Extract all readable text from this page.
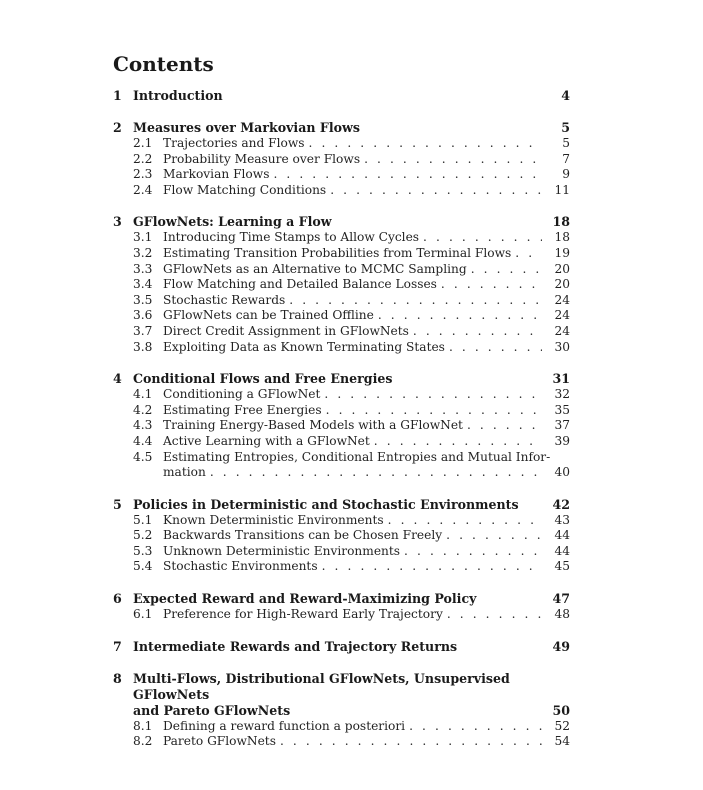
Contents
1 Introduction	4
2 Measures over Markovian Flows	5
2.1 Trajectories and Flows . . .	5
2.2 Probability Measure over Flows . . .	7
2.3 Markovian Flows . . .	9
2.4 Flow Matching Conditions . . .	11
3 GFlowNets: Learning a Flow	18
3.1 Introducing Time Stamps to Allow Cycles . . .	18
3.2 Estimating Transition Probabilities from Terminal Flows . . .	19
3.3 GFlowNets as an Alternative to MCMC Sampling . . .	20
3.4 Flow Matching and Detailed Balance Losses . . .	20
3.5 Stochastic Rewards . . .	24
3.6 GFlowNets can be Trained Offline . . .	24
3.7 Direct Credit Assignment in GFlowNets . . .	24
3.8 Exploiting Data as Known Terminating States . . .	30
4 Conditional Flows and Free Energies	31
4.1 Conditioning a GFlowNet . . .	32
4.2 Estimating Free Energies . . .	35
4.3 Training Energy-Based Models with a GFlowNet . . .	37
4.4 Active Learning with a GFlowNet . . .	39
4.5 Estimating Entropies, Conditional Entropies and Mutual Infor-
mation . . .	40
5 Policies in Deterministic and Stochastic Environments	42
5.1 Known Deterministic Environments . . .	43
5.2 Backwards Transitions can be Chosen Freely . . .	44
5.3 Unknown Deterministic Environments . . .	44
5.4 Stochastic Environments . . .	45
6 Expected Reward and Reward-Maximizing Policy	47
6.1 Preference for High-Reward Early Trajectory . . .	48
7 Intermediate Rewards and Trajectory Returns	49
8 Multi-Flows, Distributional GFlowNets, Unsupervised GFlowNets
and Pareto GFlowNets	50
8.1 Defining a reward function a posteriori . . .	52
8.2 Pareto GFlowNets . . .	54
